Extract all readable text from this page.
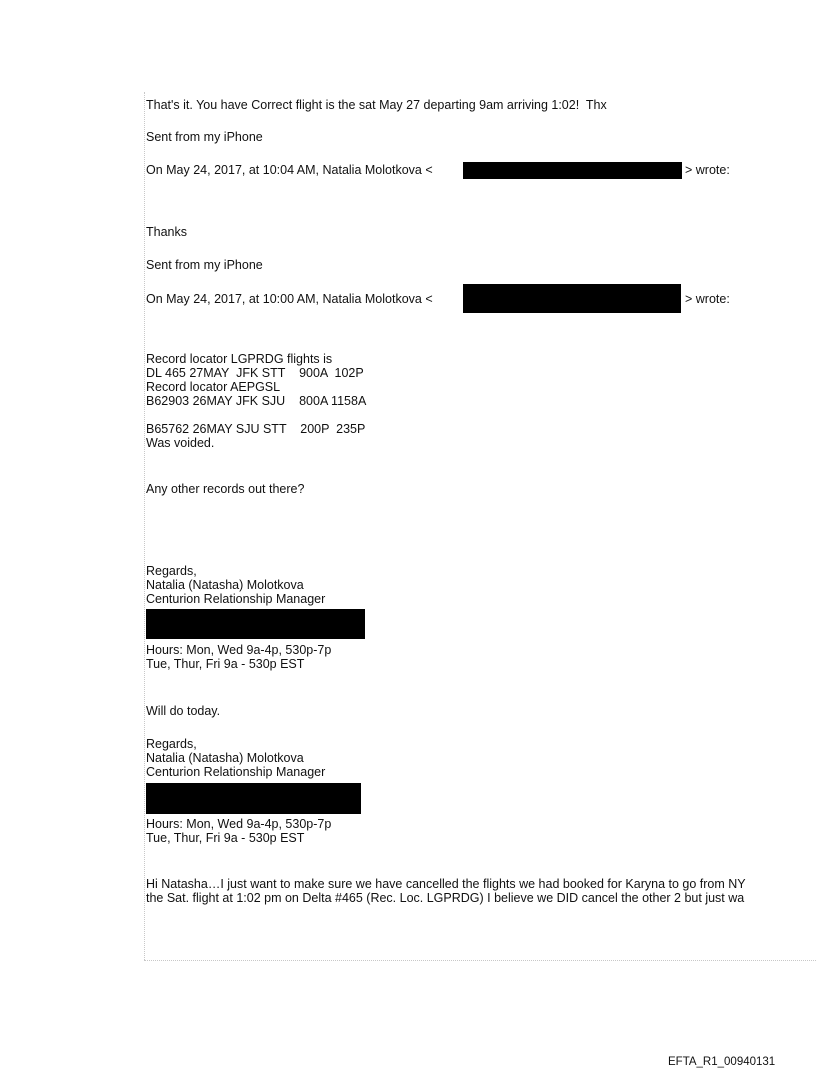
That's it. You have Correct flight is the sat May 27 departing 9am arriving 1:02!  Thx
Sent from my iPhone
On May 24, 2017, at 10:04 AM, Natalia Molotkova <	> wrote:
Thanks
Sent from my iPhone
On May 24, 2017, at 10:00 AM, Natalia Molotkova <	> wrote:
Record locator LGPRDG flights is
DL 465 27MAY  JFK STT    900A  102P
Record locator AEPGSL
B62903 26MAY JFK SJU    800A 1158A
B65762 26MAY SJU STT    200P  235P
Was voided.
Any other records out there?
Regards,
Natalia (Natasha) Molotkova
Centurion Relationship Manager
Hours: Mon, Wed 9a-4p, 530p-7p
Tue, Thur, Fri 9a - 530p EST
Will do today.
Regards,
Natalia (Natasha) Molotkova
Centurion Relationship Manager
Hours: Mon, Wed 9a-4p, 530p-7p
Tue, Thur, Fri 9a - 530p EST
Hi Natasha…I just want to make sure we have cancelled the flights we had booked for Karyna to go from NY
the Sat. flight at 1:02 pm on Delta #465 (Rec. Loc. LGPRDG) I believe we DID cancel the other 2 but just wa
EFTA_R1_00940131
